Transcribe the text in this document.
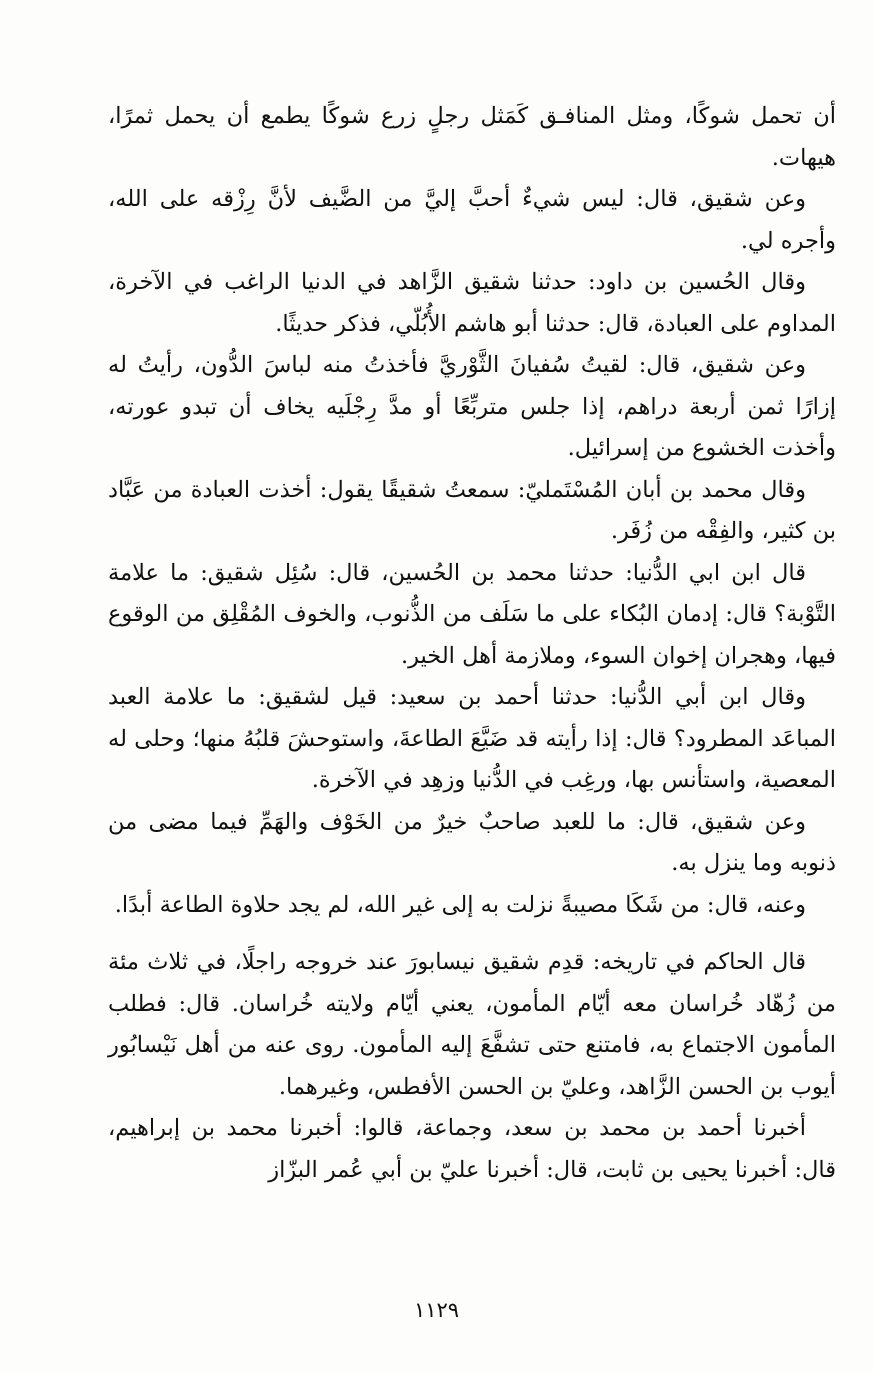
أن تحمل شوكًا، ومثل المنافـق كَمَثل رجلٍ زرع شوكًا يطمع أن يحمل ثمرًا، هيهات.

وعن شقيق، قال: ليس شيءٌ أحبَّ إليَّ من الضَّيف لأنَّ رِزْقه على الله، وأجره لي.

وقال الحُسين بن داود: حدثنا شقيق الزَّاهد في الدنيا الراغب في الآخرة، المداوم على العبادة، قال: حدثنا أبو هاشم الأُبُلّي، فذكر حديثًا.

وعن شقيق، قال: لقيتُ سُفيانَ الثَّوْريَّ فأخذتُ منه لباسَ الدُّون، رأيتُ له إزارًا ثمن أربعة دراهم، إذا جلس متربِّعًا أو مدَّ رِجْلَيه يخاف أن تبدو عورته، وأخذت الخشوع من إسرائيل.

وقال محمد بن أبان المُسْتَمليّ: سمعتُ شقيقًا يقول: أخذت العبادة من عَبَّاد بن كثير، والفِقْه من زُفَر.

قال ابن ابي الدُّنيا: حدثنا محمد بن الحُسين، قال: سُئِل شقيق: ما علامة التَّوْبة؟ قال: إدمان البُكاء على ما سَلَف من الذُّنوب، والخوف المُقْلِق من الوقوع فيها، وهجران إخوان السوء، وملازمة أهل الخير.

وقال ابن أبي الدُّنيا: حدثنا أحمد بن سعيد: قيل لشقيق: ما علامة العبد المباعَد المطرود؟ قال: إذا رأيته قد ضَيَّعَ الطاعةَ، واستوحشَ قلبُهُ منها؛ وحلى له المعصية، واستأنس بها، ورغِب في الدُّنيا وزهِد في الآخرة.

وعن شقيق، قال: ما للعبد صاحبٌ خيرٌ من الخَوْف والهَمِّ فيما مضى من ذنوبه وما ينزل به.

وعنه، قال: من شَكَا مصيبةً نزلت به إلى غير الله، لم يجد حلاوة الطاعة أبدًا.

قال الحاكم في تاريخه: قدِم شقيق نيسابورَ عند خروجه راجلًا، في ثلاث مئة من زُهّاد خُراسان معه أيّام المأمون، يعني أيّام ولايته خُراسان. قال: فطلب المأمون الاجتماع به، فامتنع حتى تشفَّعَ إليه المأمون. روى عنه من أهل نَيْسابُور أيوب بن الحسن الزَّاهد، وعليّ بن الحسن الأفطس، وغيرهما.

أخبرنا أحمد بن محمد بن سعد، وجماعة، قالوا: أخبرنا محمد بن إبراهيم، قال: أخبرنا يحيى بن ثابت، قال: أخبرنا عليّ بن أبي عُمر البزّاز

١١٢٩
